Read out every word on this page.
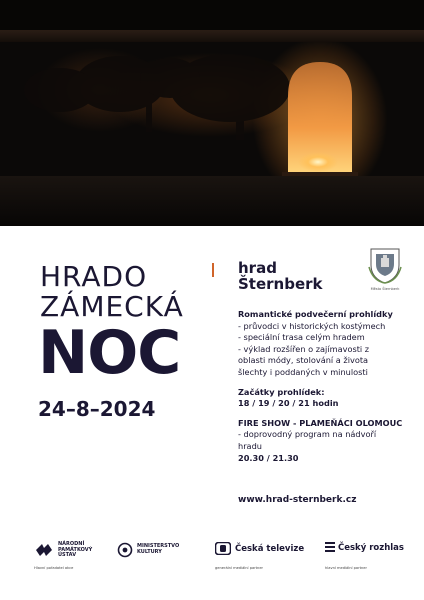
HRADO
ZÁMECKÁ
NOC
24–8–2024
hrad
Šternberk	Město Šternberk
Romantické podvečerní prohlídky
- průvodci v historických kostýmech
- speciální trasa celým hradem
- výklad rozšířen o zajímavosti z
oblasti módy, stolování a života
šlechty i poddaných v minulosti
Začátky prohlídek:
18 / 19 / 20 / 21 hodin
FIRE SHOW - PLAMEŇÁCI OLOMOUC
- doprovodný program na nádvoří
hradu
20.30 / 21.30
www.hrad-sternberk.cz
NÁRODNÍ
PAMÁTKOVÝ
ÚSTAV
Hlavní pořadatel akce
MINISTERSTVO
KULTURY	Česká televize
generální mediální partner
Český rozhlas
hlavní mediální partner
